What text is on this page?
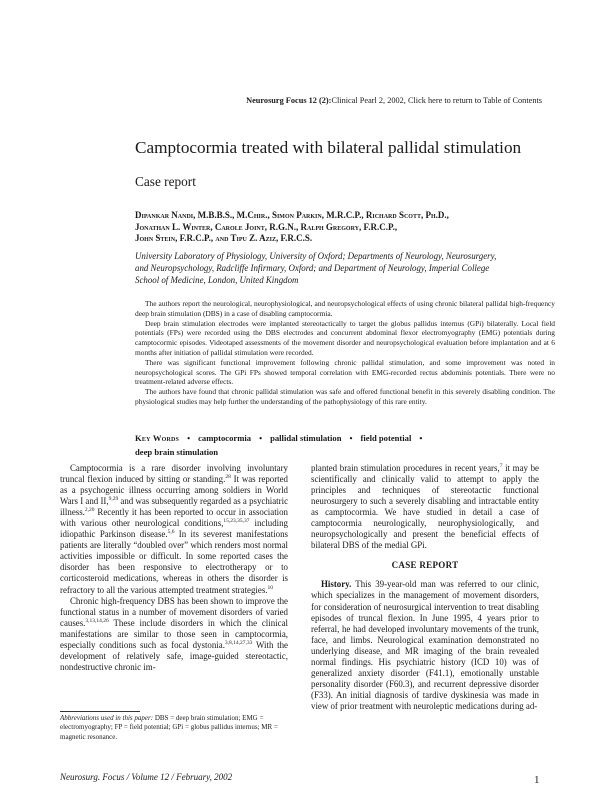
Neurosurg Focus 12 (2):Clinical Pearl 2, 2002, Click here to return to Table of Contents
Camptocormia treated with bilateral pallidal stimulation
Case report
Dipankar Nandi, M.B.B.S., M.Chir., Simon Parkin, M.R.C.P., Richard Scott, Ph.D.,
Jonathan L. Winter, Carole Joint, R.G.N., Ralph Gregory, F.R.C.P.,
John Stein, F.R.C.P., and Tipu Z. Aziz, F.R.C.S.
University Laboratory of Physiology, University of Oxford; Departments of Neurology, Neurosurgery,
and Neuropsychology, Radcliffe Infirmary, Oxford; and Department of Neurology, Imperial College
School of Medicine, London, United Kingdom

The authors report the neurological, neurophysiological, and neuropsychological effects of using chronic bilateral pallidal high-frequency deep brain stimulation (DBS) in a case of disabling camptocormia.

Deep brain stimulation electrodes were implanted stereotactically to target the globus pallidus internus (GPi) bilaterally. Local field potentials (FPs) were recorded using the DBS electrodes and concurrent abdominal flexor electromyography (EMG) potentials during camptocormic episodes. Videotaped assessments of the movement disorder and neuropsychological evaluation before implantation and at 6 months after initiation of pallidal stimulation were recorded.

There was significant functional improvement following chronic pallidal stimulation, and some improvement was noted in neuropsychological scores. The GPi FPs showed temporal correlation with EMG-recorded rectus abdominis potentials. There were no treatment-related adverse effects.

The authors have found that chronic pallidal stimulation was safe and offered functional benefit in this severely disabling condition. The physiological studies may help further the understanding of the pathophysiology of this rare entity.

Key Words • camptocormia • pallidal stimulation • field potential •
deep brain stimulation

Camptocormia is a rare disorder involving involuntary truncal flexion induced by sitting or standing.$^{28}$ It was reported as a psychogenic illness occurring among soldiers in World Wars I and II,$^{9,29}$ and was subsequently regarded as a psychiatric illness.$^{2,20}$ Recently it has been reported to occur in association with various other neurological conditions,$^{15,23,35,37}$ including idiopathic Parkinson disease.$^{5,6}$ In its severest manifestations patients are literally “doubled over” which renders most normal activities impossible or difficult. In some reported cases the disorder has been responsive to electrotherapy or to corticosteroid medications, whereas in others the disorder is refractory to all the various attempted treatment strategies.$^{10}$

Chronic high-frequency DBS has been shown to improve the functional status in a number of movement disorders of varied causes.$^{3,13,14,26}$ These include disorders in which the clinical manifestations are similar to those seen in camptocormia, especially conditions such as focal dystonia.$^{3,8,14,27,33}$ With the development of relatively safe, image-guided stereotactic, nondestructive chronic im-

planted brain stimulation procedures in recent years,$^7$ it may be scientifically and clinically valid to attempt to apply the principles and techniques of stereotactic functional neurosurgery to such a severely disabling and intractable entity as camptocormia. We have studied in detail a case of camptocormia neurologically, neurophysiologically, and neuropsychologically and present the beneficial effects of bilateral DBS of the medial GPi.

CASE REPORT

History. This 39-year-old man was referred to our clinic, which specializes in the management of movement disorders, for consideration of neurosurgical intervention to treat disabling episodes of truncal flexion. In June 1995, 4 years prior to referral, he had developed involuntary movements of the trunk, face, and limbs. Neurological examination demonstrated no underlying disease, and MR imaging of the brain revealed normal findings. His psychiatric history (ICD 10) was of generalized anxiety disorder (F41.1), emotionally unstable personality disorder (F60.3), and recurrent depressive disorder (F33). An initial diagnosis of tardive dyskinesia was made in view of prior treatment with neuroleptic medications during ad-

Abbreviations used in this paper: DBS = deep brain stimulation; EMG = electromyography; FP = field potential; GPi = globus pallidus internus; MR = magnetic resonance.
Neurosurg. Focus / Volume 12 / February, 2002	1
